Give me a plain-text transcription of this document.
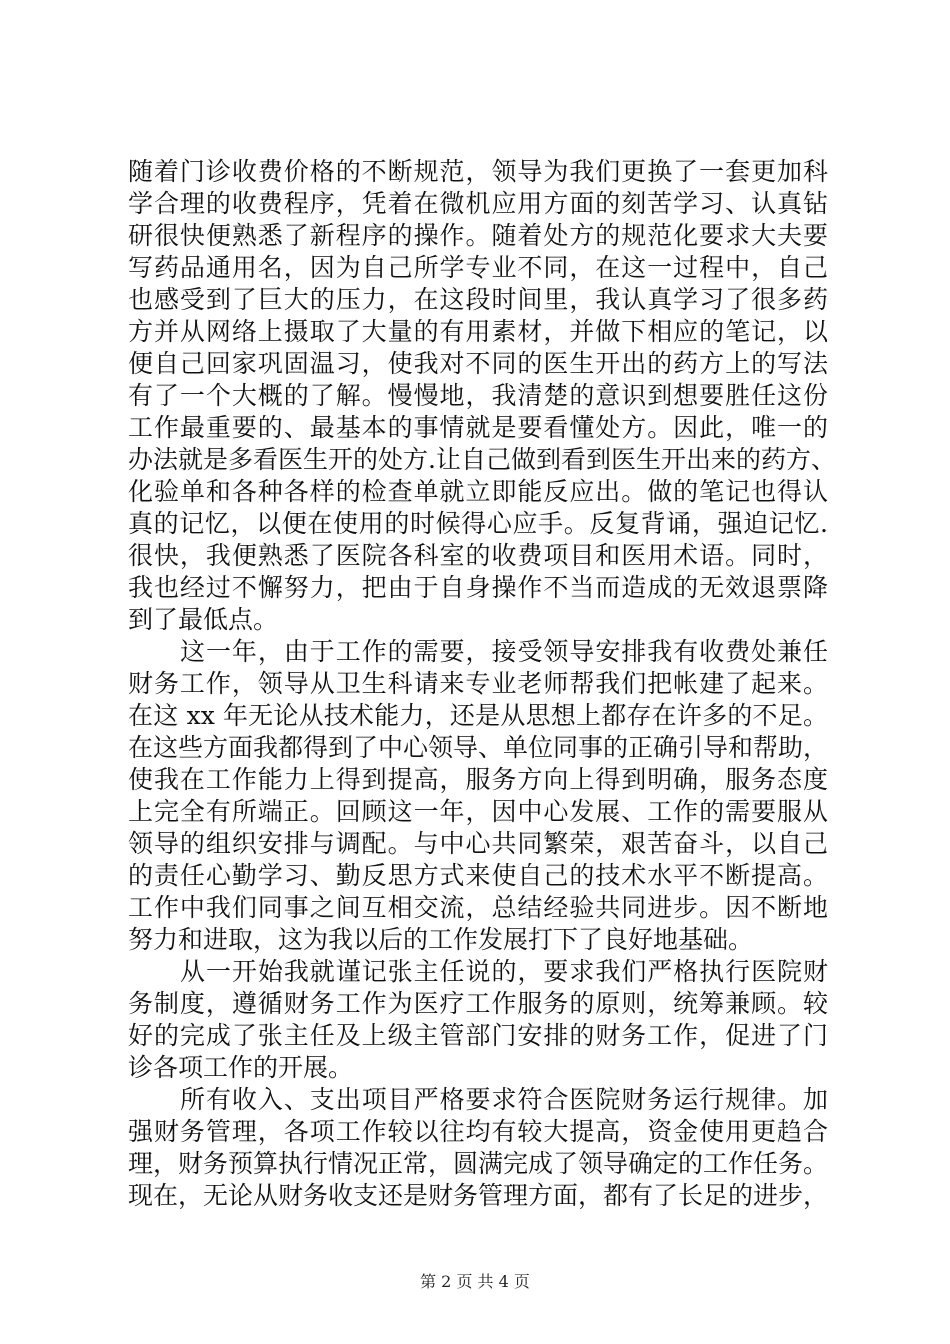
随着门诊收费价格的不断规范，领导为我们更换了一套更加科
学合理的收费程序，凭着在微机应用方面的刻苦学习、认真钻
研很快便熟悉了新程序的操作。随着处方的规范化要求大夫要
写药品通用名，因为自己所学专业不同，在这一过程中，自己
也感受到了巨大的压力，在这段时间里，我认真学习了很多药
方并从网络上摄取了大量的有用素材，并做下相应的笔记，以
便自己回家巩固温习，使我对不同的医生开出的药方上的写法
有了一个大概的了解。慢慢地，我清楚的意识到想要胜任这份
工作最重要的、最基本的事情就是要看懂处方。因此，唯一的
办法就是多看医生开的处方.让自己做到看到医生开出来的药方、
化验单和各种各样的检查单就立即能反应出。做的笔记也得认
真的记忆，以便在使用的时候得心应手。反复背诵，强迫记忆.
很快，我便熟悉了医院各科室的收费项目和医用术语。同时，
我也经过不懈努力，把由于自身操作不当而造成的无效退票降
到了最低点。
这一年，由于工作的需要，接受领导安排我有收费处兼任
财务工作，领导从卫生科请来专业老师帮我们把帐建了起来。
在这 xx 年无论从技术能力，还是从思想上都存在许多的不足。
在这些方面我都得到了中心领导、单位同事的正确引导和帮助，
使我在工作能力上得到提高，服务方向上得到明确，服务态度
上完全有所端正。回顾这一年，因中心发展、工作的需要服从
领导的组织安排与调配。与中心共同繁荣，艰苦奋斗，以自己
的责任心勤学习、勤反思方式来使自己的技术水平不断提高。
工作中我们同事之间互相交流，总结经验共同进步。因不断地
努力和进取，这为我以后的工作发展打下了良好地基础。
从一开始我就谨记张主任说的，要求我们严格执行医院财
务制度，遵循财务工作为医疗工作服务的原则，统筹兼顾。较
好的完成了张主任及上级主管部门安排的财务工作，促进了门
诊各项工作的开展。
所有收入、支出项目严格要求符合医院财务运行规律。加
强财务管理，各项工作较以往均有较大提高，资金使用更趋合
理，财务预算执行情况正常，圆满完成了领导确定的工作任务。
现在，无论从财务收支还是财务管理方面，都有了长足的进步，
第 2 页 共 4 页
